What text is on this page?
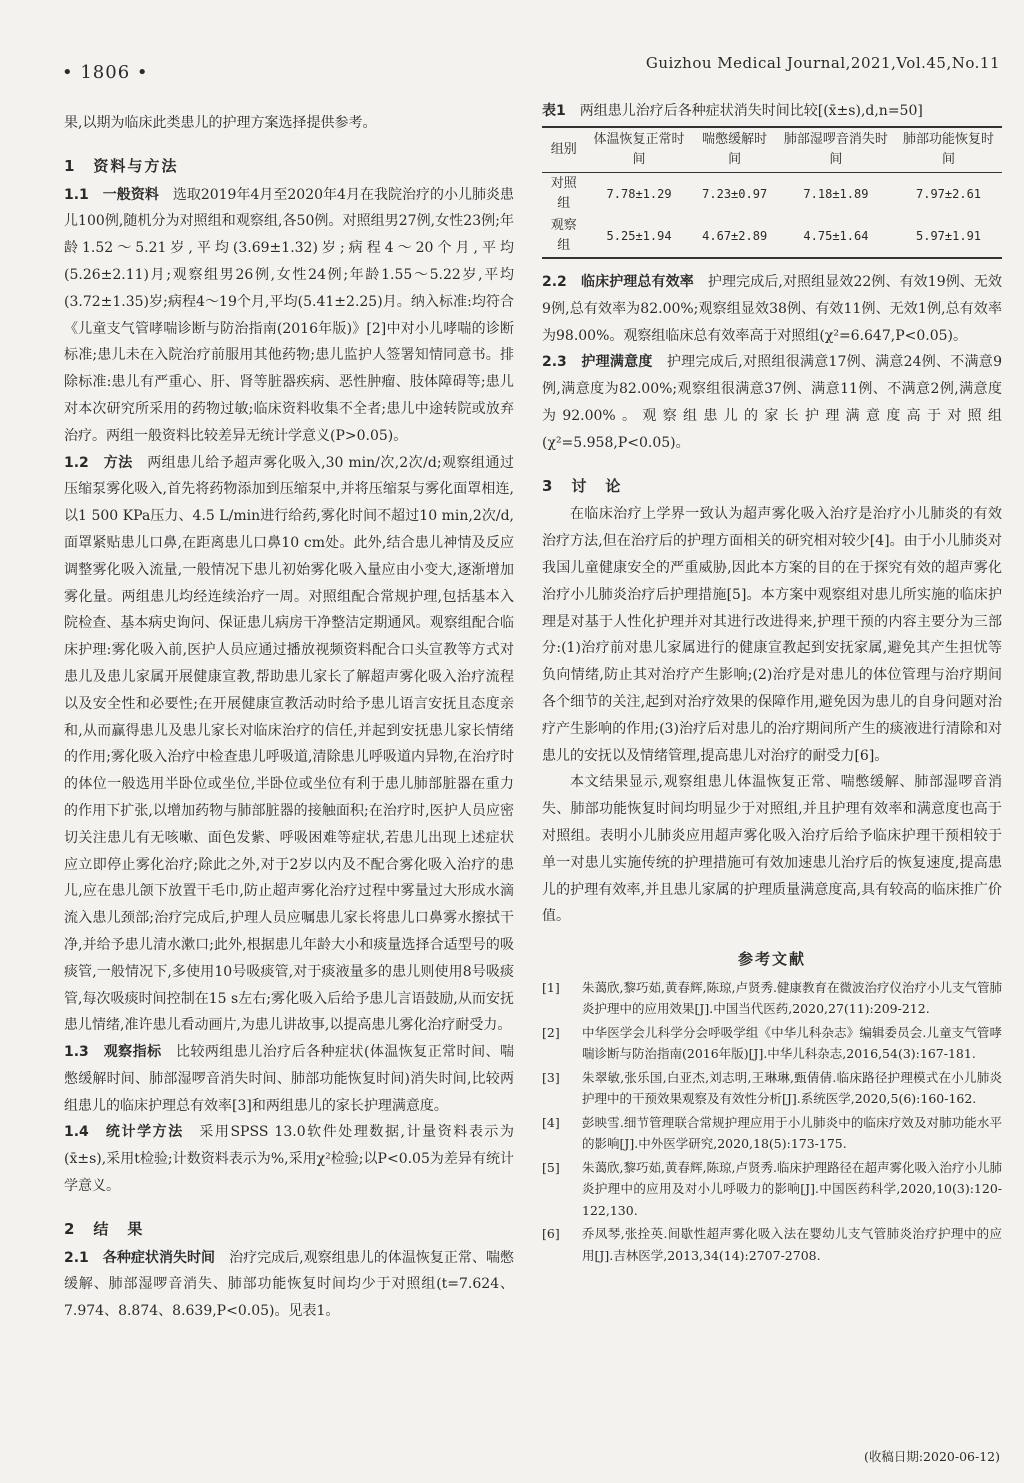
• 1806 •	Guizhou Medical Journal,2021,Vol.45,No.11

果,以期为临床此类患儿的护理方案选择提供参考。

1　资料与方法

1.1　一般资料　选取2019年4月至2020年4月在我院治疗的小儿肺炎患儿100例,随机分为对照组和观察组,各50例。对照组男27例,女性23例;年龄1.52～5.21岁,平均(3.69±1.32)岁;病程4～20个月,平均(5.26±2.11)月;观察组男26例,女性24例;年龄1.55～5.22岁,平均(3.72±1.35)岁;病程4～19个月,平均(5.41±2.25)月。纳入标准:均符合《儿童支气管哮喘诊断与防治指南(2016年版)》[2]中对小儿哮喘的诊断标准;患儿未在入院治疗前服用其他药物;患儿监护人签署知情同意书。排除标准:患儿有严重心、肝、肾等脏器疾病、恶性肿瘤、肢体障碍等;患儿对本次研究所采用的药物过敏;临床资料收集不全者;患儿中途转院或放弃治疗。两组一般资料比较差异无统计学意义(P>0.05)。

1.2　方法　两组患儿给予超声雾化吸入,30 min/次,2次/d;观察组通过压缩泵雾化吸入,首先将药物添加到压缩泵中,并将压缩泵与雾化面罩相连,以1 500 KPa压力、4.5 L/min进行给药,雾化时间不超过10 min,2次/d,面罩紧贴患儿口鼻,在距离患儿口鼻10 cm处。此外,结合患儿神情及反应调整雾化吸入流量,一般情况下患儿初始雾化吸入量应由小变大,逐渐增加雾化量。两组患儿均经连续治疗一周。对照组配合常规护理,包括基本入院检查、基本病史询问、保证患儿病房干净整洁定期通风。观察组配合临床护理:雾化吸入前,医护人员应通过播放视频资料配合口头宣教等方式对患儿及患儿家属开展健康宣教,帮助患儿家长了解超声雾化吸入治疗流程以及安全性和必要性;在开展健康宣教活动时给予患儿语言安抚且态度亲和,从而赢得患儿及患儿家长对临床治疗的信任,并起到安抚患儿家长情绪的作用;雾化吸入治疗中检查患儿呼吸道,清除患儿呼吸道内异物,在治疗时的体位一般选用半卧位或坐位,半卧位或坐位有利于患儿肺部脏器在重力的作用下扩张,以增加药物与肺部脏器的接触面积;在治疗时,医护人员应密切关注患儿有无咳嗽、面色发紫、呼吸困难等症状,若患儿出现上述症状应立即停止雾化治疗;除此之外,对于2岁以内及不配合雾化吸入治疗的患儿,应在患儿颌下放置干毛巾,防止超声雾化治疗过程中雾量过大形成水滴流入患儿颈部;治疗完成后,护理人员应嘱患儿家长将患儿口鼻雾水擦拭干净,并给予患儿清水漱口;此外,根据患儿年龄大小和痰量选择合适型号的吸痰管,一般情况下,多使用10号吸痰管,对于痰液量多的患儿则使用8号吸痰管,每次吸痰时间控制在15 s左右;雾化吸入后给予患儿言语鼓励,从而安抚患儿情绪,准许患儿看动画片,为患儿讲故事,以提高患儿雾化治疗耐受力。

1.3　观察指标　比较两组患儿治疗后各种症状(体温恢复正常时间、喘憋缓解时间、肺部湿啰音消失时间、肺部功能恢复时间)消失时间,比较两组患儿的临床护理总有效率[3]和两组患儿的家长护理满意度。

1.4　统计学方法　采用SPSS 13.0软件处理数据,计量资料表示为(x̄±s),采用t检验;计数资料表示为%,采用χ²检验;以P<0.05为差异有统计学意义。

2　结　果

2.1　各种症状消失时间　治疗完成后,观察组患儿的体温恢复正常、喘憋缓解、肺部湿啰音消失、肺部功能恢复时间均少于对照组(t=7.624、7.974、8.874、8.639,P<0.05)。见表1。

表1　 两组患儿治疗后各种症状消失时间比较[(x̄±s),d,n=50]
组别	体温恢复正常时间	喘憋缓解时间	肺部湿啰音消失时间	肺部功能恢复时间
对照组	7.78±1.29	7.23±0.97	7.18±1.89	7.97±2.61
观察组	5.25±1.94	4.67±2.89	4.75±1.64	5.97±1.91

2.2　临床护理总有效率　护理完成后,对照组显效22例、有效19例、无效9例,总有效率为82.00%;观察组显效38例、有效11例、无效1例,总有效率为98.00%。观察组临床总有效率高于对照组(χ²=6.647,P<0.05)。

2.3　护理满意度　护理完成后,对照组很满意17例、满意24例、不满意9例,满意度为82.00%;观察组很满意37例、满意11例、不满意2例,满意度为92.00%。观察组患儿的家长护理满意度高于对照组(χ²=5.958,P<0.05)。

3　讨　论

在临床治疗上学界一致认为超声雾化吸入治疗是治疗小儿肺炎的有效治疗方法,但在治疗后的护理方面相关的研究相对较少[4]。由于小儿肺炎对我国儿童健康安全的严重威胁,因此本方案的目的在于探究有效的超声雾化治疗小儿肺炎治疗后护理措施[5]。本方案中观察组对患儿所实施的临床护理是对基于人性化护理并对其进行改进得来,护理干预的内容主要分为三部分:(1)治疗前对患儿家属进行的健康宣教起到安抚家属,避免其产生担忧等负向情绪,防止其对治疗产生影响;(2)治疗是对患儿的体位管理与治疗期间各个细节的关注,起到对治疗效果的保障作用,避免因为患儿的自身问题对治疗产生影响的作用;(3)治疗后对患儿的治疗期间所产生的痰液进行清除和对患儿的安抚以及情绪管理,提高患儿对治疗的耐受力[6]。

本文结果显示,观察组患儿体温恢复正常、喘憋缓解、肺部湿啰音消失、肺部功能恢复时间均明显少于对照组,并且护理有效率和满意度也高于对照组。表明小儿肺炎应用超声雾化吸入治疗后给予临床护理干预相较于单一对患儿实施传统的护理措施可有效加速患儿治疗后的恢复速度,提高患儿的护理有效率,并且患儿家属的护理质量满意度高,具有较高的临床推广价值。

参考文献
[1]	朱蔼欣,黎巧茹,黄春辉,陈琼,卢贤秀.健康教育在微波治疗仪治疗小儿支气管肺炎护理中的应用效果[J].中国当代医药,2020,27(11):209-212.
[2]	中华医学会儿科学分会呼吸学组《中华儿科杂志》编辑委员会.儿童支气管哮喘诊断与防治指南(2016年版)[J].中华儿科杂志,2016,54(3):167-181.
[3]	朱翠敏,张乐国,白亚杰,刘志明,王琳琳,甄倩倩.临床路径护理模式在小儿肺炎护理中的干预效果观察及有效性分析[J].系统医学,2020,5(6):160-162.
[4]	彭映雪.细节管理联合常规护理应用于小儿肺炎中的临床疗效及对肺功能水平的影响[J].中外医学研究,2020,18(5):173-175.
[5]	朱蔼欣,黎巧茹,黄春辉,陈琼,卢贤秀.临床护理路径在超声雾化吸入治疗小儿肺炎护理中的应用及对小儿呼吸力的影响[J].中国医药科学,2020,10(3):120-122,130.
[6]	乔凤琴,张拴英.间歇性超声雾化吸入法在婴幼儿支气管肺炎治疗护理中的应用[J].吉林医学,2013,34(14):2707-2708.
(收稿日期:2020-06-12)
